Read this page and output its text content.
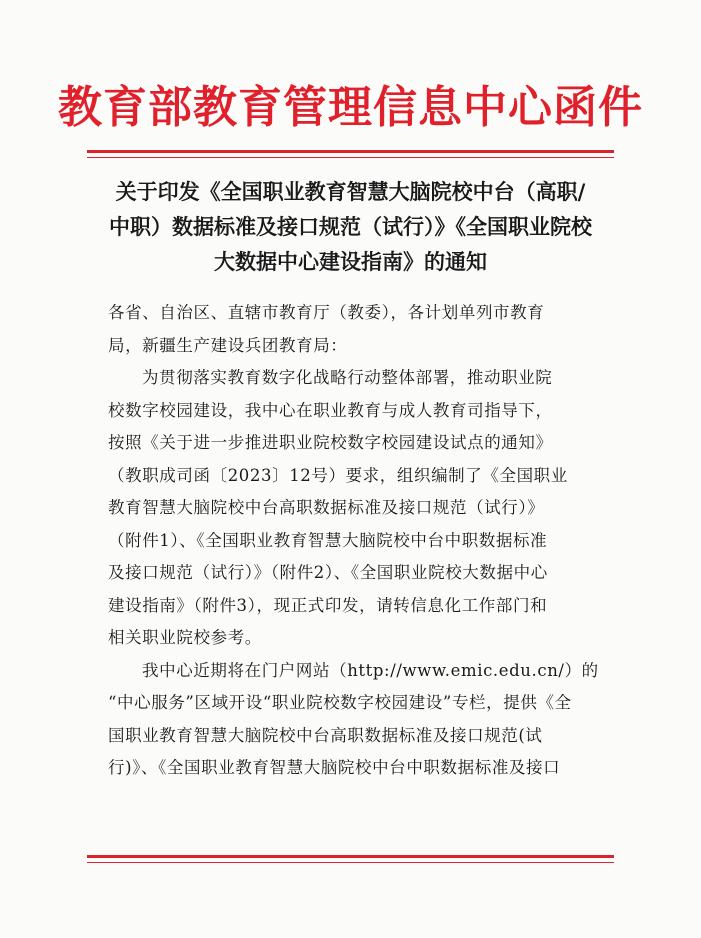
教育部教育管理信息中心函件
关于印发《全国职业教育智慧大脑院校中台（高职/
中职）数据标准及接口规范（试行）》《全国职业院校
大数据中心建设指南》的通知
各省、自治区、直辖市教育厅（教委），各计划单列市教育
局，新疆生产建设兵团教育局：
为贯彻落实教育数字化战略行动整体部署，推动职业院
校数字校园建设，我中心在职业教育与成人教育司指导下，
按照《关于进一步推进职业院校数字校园建设试点的通知》
（教职成司函〔2023〕12号）要求，组织编制了《全国职业
教育智慧大脑院校中台高职数据标准及接口规范（试行）》
（附件1）、《全国职业教育智慧大脑院校中台中职数据标准
及接口规范（试行）》（附件2）、《全国职业院校大数据中心
建设指南》（附件3），现正式印发，请转信息化工作部门和
相关职业院校参考。
我中心近期将在门户网站（http://www.emic.edu.cn/）的
“中心服务”区域开设“职业院校数字校园建设”专栏，提供《全
国职业教育智慧大脑院校中台高职数据标准及接口规范(试
行)》、《全国职业教育智慧大脑院校中台中职数据标准及接口
